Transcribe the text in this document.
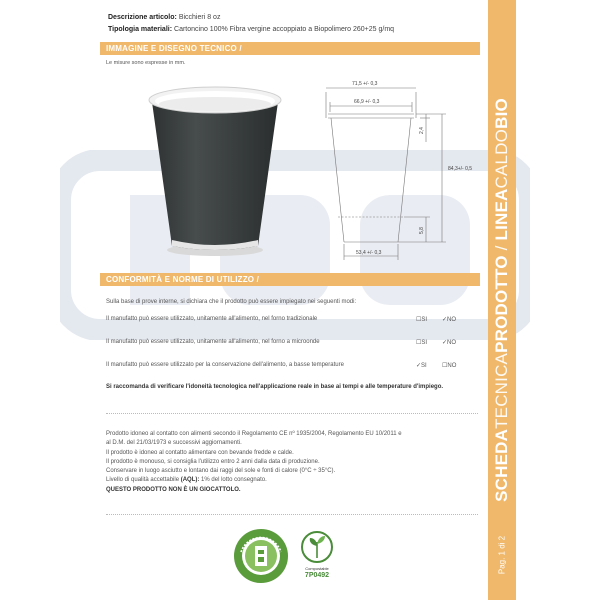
Descrizione articolo: Bicchieri 8 oz
Tipologia materiali: Cartoncino 100% Fibra vergine accoppiato a Biopolimero 260+25 g/mq
IMMAGINE E DISEGNO TECNICO /
Le misure sono espresse in mm.
71,5 +/- 0,3
66,9 +/- 0,3
2,4
84,3+/- 0,5
5,8
53,4 +/- 0,3
CONFORMITÀ E NORME DI UTILIZZO /
Sulla base di prove interne, si dichiara che il prodotto può essere impiegato nei seguenti modi:
Il manufatto può essere utilizzato, unitamente all'alimento, nel forno tradizionale	☐SI ✓NO
Il manufatto può essere utilizzato, unitamente all'alimento, nel forno a microonde	☐SI ✓NO
Il manufatto può essere utilizzato per la conservazione dell'alimento, a basse temperature	✓SI	☐NO
Si raccomanda di verificare l'idoneità tecnologica nell'applicazione reale in base ai tempi e alle temperature d'impiego.
Prodotto idoneo al contatto con alimenti secondo il Regolamento CE nº 1935/2004, Regolamento EU 10/2011 e
al D.M. del 21/03/1973 e successivi aggiornamenti.
Il prodotto è idoneo al contatto alimentare con bevande fredde e calde.
Il prodotto è monouso, si consiglia l'utilizzo entro 2 anni dalla data di produzione.
Conservare in luogo asciutto e lontano dai raggi del sole e fonti di calore (0°C ÷ 35°C).
Livello di qualità accettabile (AQL): 1% del lotto consegnato.
QUESTO PRODOTTO NON È UN GIOCATTOLO.
Compostable
7P0492
SCHEDATECNICAPRODOTTO / LINEACALDOBIO
Pag. 1 di 2
